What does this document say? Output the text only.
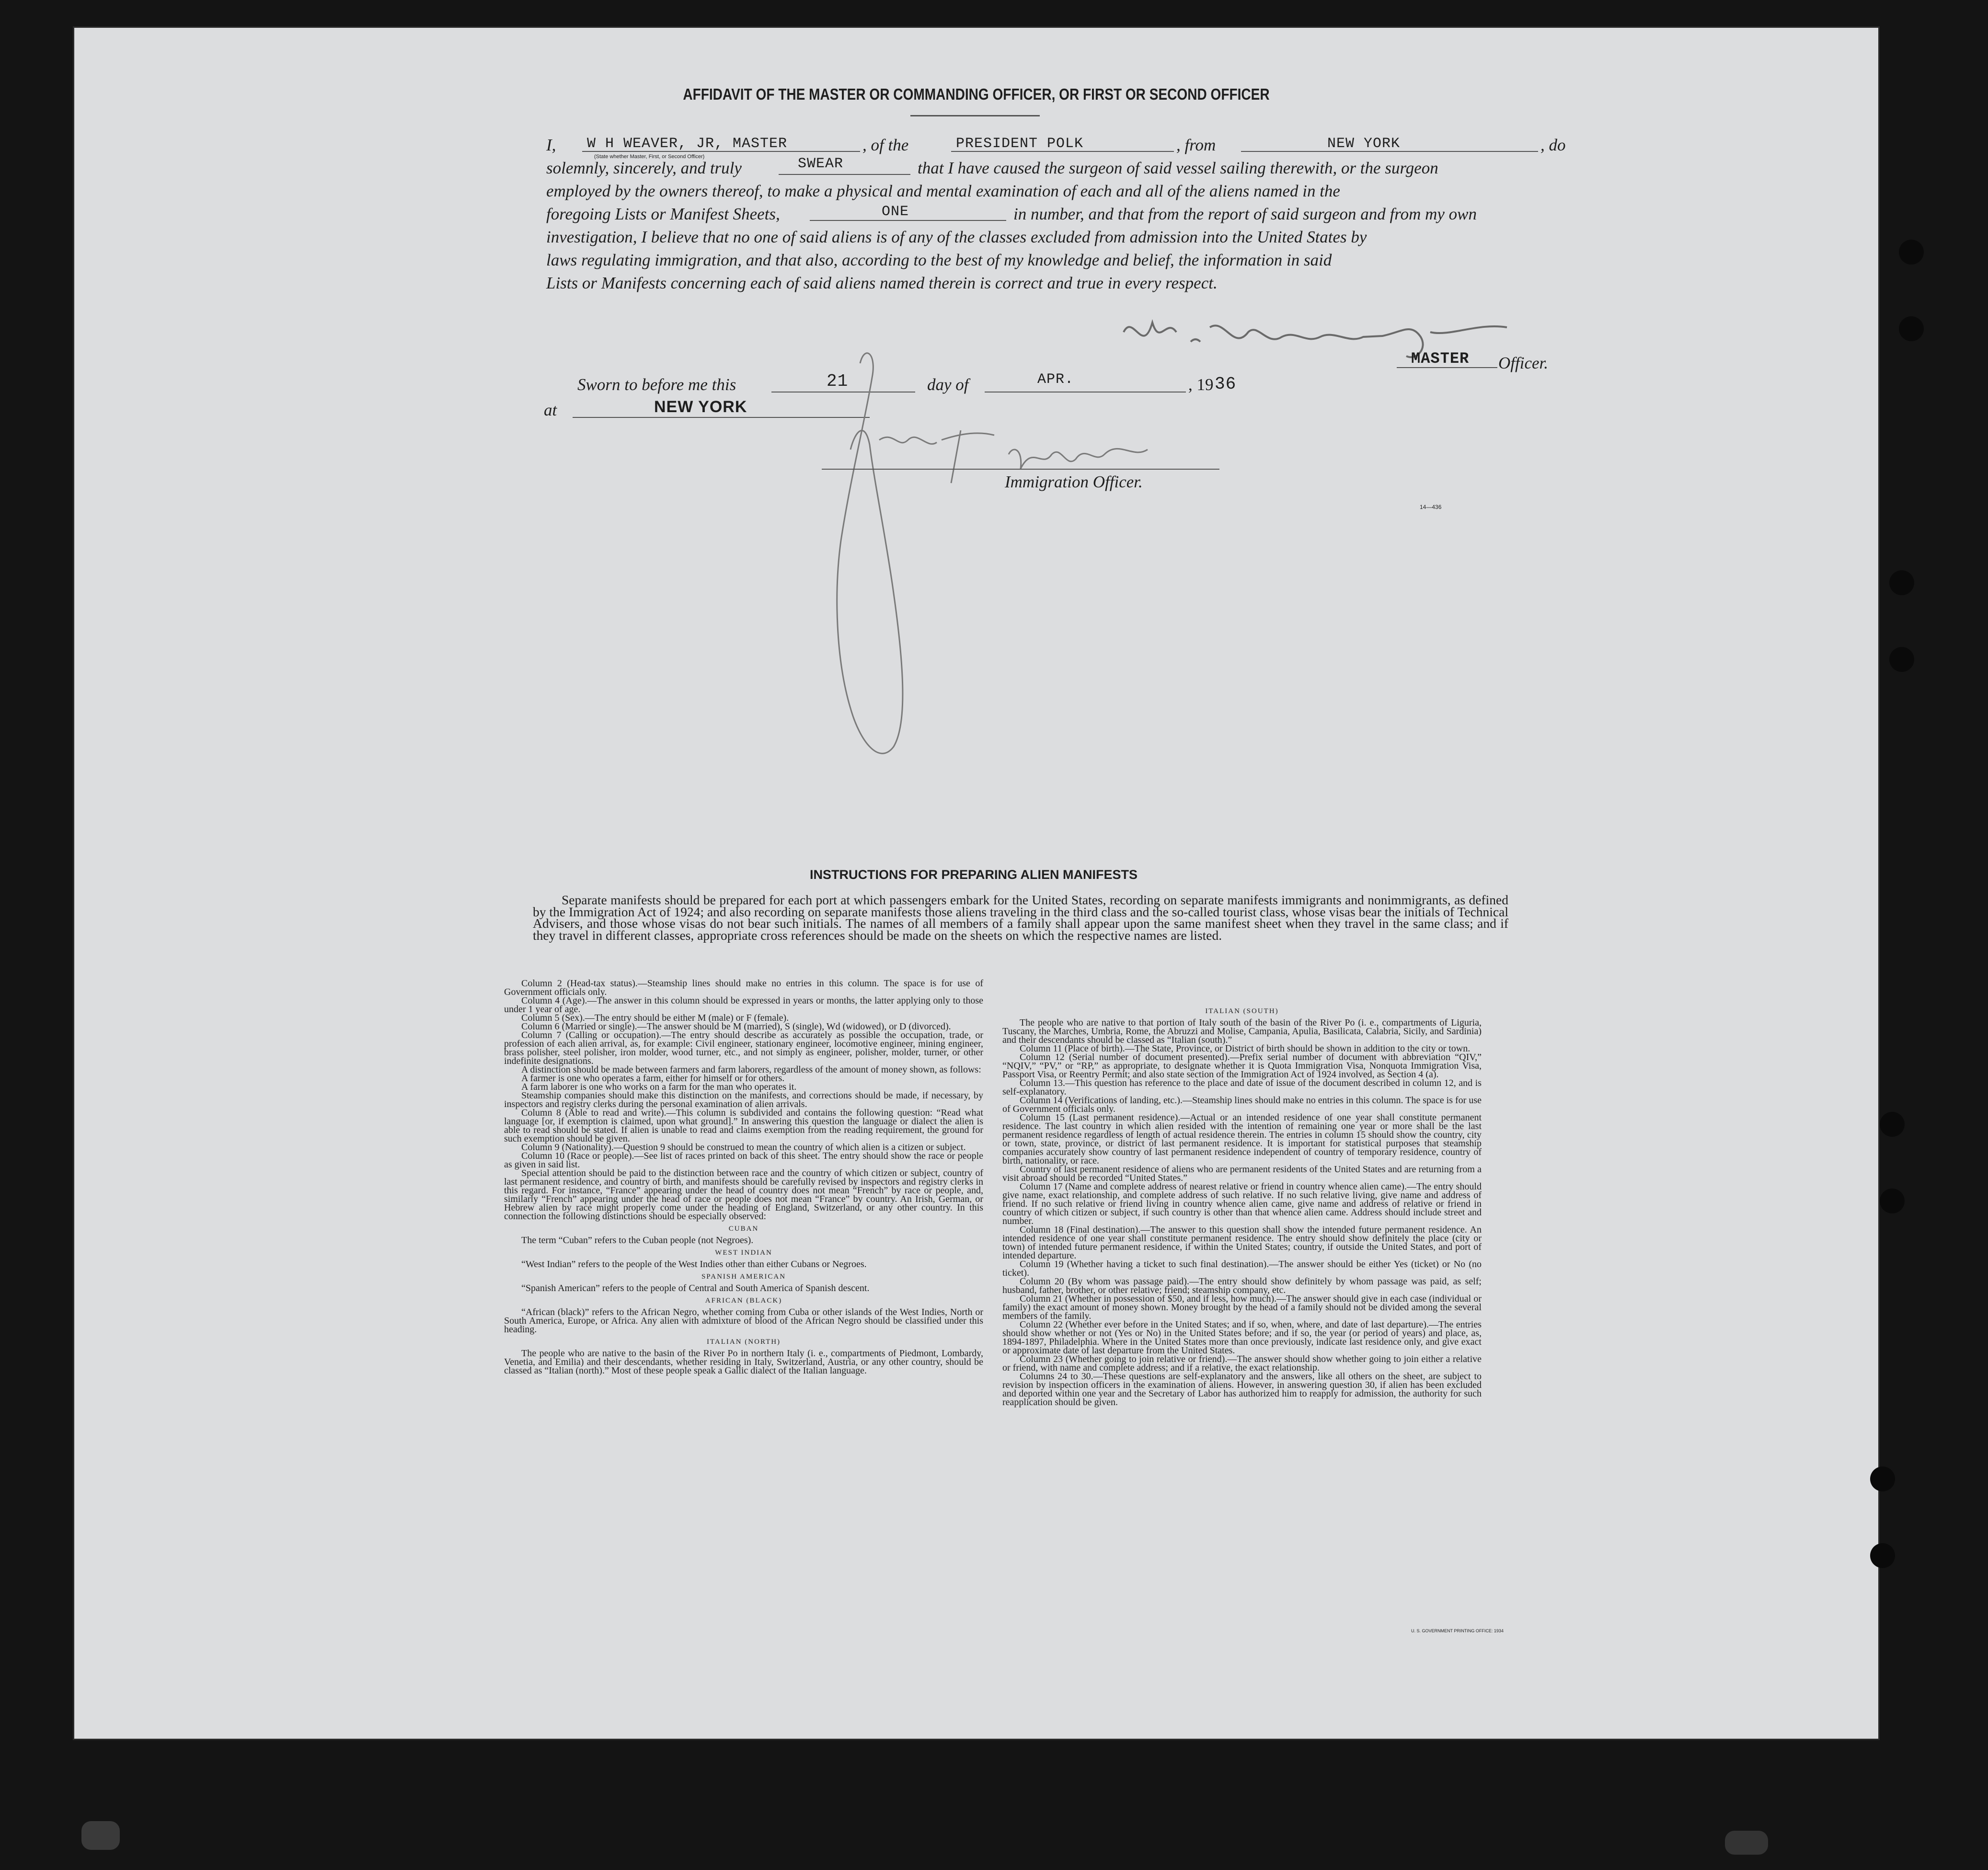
AFFIDAVIT OF THE MASTER OR COMMANDING OFFICER, OR FIRST OR SECOND OFFICER
I, W H WEAVER, JR, MASTER	, of the	PRESIDENT POLK	, from	NEW YORK	, do
(State whether Master, First, or Second Officer)
solemnly, sincerely, and truly	SWEAR	that I have caused the surgeon of said vessel sailing therewith, or the surgeon
employed by the owners thereof, to make a physical and mental examination of each and all of the aliens named in the
foregoing Lists or Manifest Sheets,	ONE	in number, and that from the report of said surgeon and from my own
investigation, I believe that no one of said aliens is of any of the classes excluded from admission into the United States by
laws regulating immigration, and that also, according to the best of my knowledge and belief, the information in said
Lists or Manifests concerning each of said aliens named therein is correct and true in every respect.
MASTER Officer.
Sworn to before me this	21	day of	APR.	, 19 36
at	NEW YORK
Immigration Officer.
14—436
INSTRUCTIONS FOR PREPARING ALIEN MANIFESTS
Separate manifests should be prepared for each port at which passengers embark for the United States, recording on separate manifests immigrants and nonimmigrants, as defined by the Immigration Act of 1924; and also recording on separate manifests those aliens traveling in the third class and the so-called tourist class, whose visas bear the initials of Technical Advisers, and those whose visas do not bear such initials. The names of all members of a family shall appear upon the same manifest sheet when they travel in the same class; and if they travel in different classes, appropriate cross references should be made on the sheets on which the respective names are listed.

Column 2 (Head-tax status).—Steamship lines should make no entries in this column. The space is for use of Government officials only.

Column 4 (Age).—The answer in this column should be expressed in years or months, the latter applying only to those under 1 year of age.

Column 5 (Sex).—The entry should be either M (male) or F (female).

Column 6 (Married or single).—The answer should be M (married), S (single), Wd (widowed), or D (divorced).

Column 7 (Calling or occupation).—The entry should describe as accurately as possible the occupation, trade, or profession of each alien arrival, as, for example: Civil engineer, stationary engineer, locomotive engineer, mining engineer, brass polisher, steel polisher, iron molder, wood turner, etc., and not simply as engineer, polisher, molder, turner, or other indefinite designations.

A distinction should be made between farmers and farm laborers, regardless of the amount of money shown, as follows:

A farmer is one who operates a farm, either for himself or for others.

A farm laborer is one who works on a farm for the man who operates it.

Steamship companies should make this distinction on the manifests, and corrections should be made, if necessary, by inspectors and registry clerks during the personal examination of alien arrivals.

Column 8 (Able to read and write).—This column is subdivided and contains the following question: “Read what language [or, if exemption is claimed, upon what ground].” In answering this question the language or dialect the alien is able to read should be stated. If alien is unable to read and claims exemption from the reading requirement, the ground for such exemption should be given.

Column 9 (Nationality).—Question 9 should be construed to mean the country of which alien is a citizen or subject.

Column 10 (Race or people).—See list of races printed on back of this sheet. The entry should show the race or people as given in said list.

Special attention should be paid to the distinction between race and the country of which citizen or subject, country of last permanent residence, and country of birth, and manifests should be carefully revised by inspectors and registry clerks in this regard. For instance, “France” appearing under the head of country does not mean “French” by race or people, and, similarly “French” appearing under the head of race or people does not mean “France” by country. An Irish, German, or Hebrew alien by race might properly come under the heading of England, Switzerland, or any other country. In this connection the following distinctions should be especially observed:

CUBAN

The term “Cuban” refers to the Cuban people (not Negroes).

WEST INDIAN

“West Indian” refers to the people of the West Indies other than either Cubans or Negroes.

SPANISH AMERICAN

“Spanish American” refers to the people of Central and South America of Spanish descent.

AFRICAN (BLACK)

“African (black)” refers to the African Negro, whether coming from Cuba or other islands of the West Indies, North or South America, Europe, or Africa. Any alien with admixture of blood of the African Negro should be classified under this heading.

ITALIAN (NORTH)

The people who are native to the basin of the River Po in northern Italy (i. e., compartments of Piedmont, Lombardy, Venetia, and Emilia) and their descendants, whether residing in Italy, Switzerland, Austria, or any other country, should be classed as “Italian (north).” Most of these people speak a Gallic dialect of the Italian language.

ITALIAN (SOUTH)

The people who are native to that portion of Italy south of the basin of the River Po (i. e., compartments of Liguria, Tuscany, the Marches, Umbria, Rome, the Abruzzi and Molise, Campania, Apulia, Basilicata, Calabria, Sicily, and Sardinia) and their descendants should be classed as “Italian (south).”

Column 11 (Place of birth).—The State, Province, or District of birth should be shown in addition to the city or town.

Column 12 (Serial number of document presented).—Prefix serial number of document with abbreviation “QIV,” “NQIV,” “PV,” or “RP,” as appropriate, to designate whether it is Quota Immigration Visa, Nonquota Immigration Visa, Passport Visa, or Reentry Permit; and also state section of the Immigration Act of 1924 involved, as Section 4 (a).

Column 13.—This question has reference to the place and date of issue of the document described in column 12, and is self-explanatory.

Column 14 (Verifications of landing, etc.).—Steamship lines should make no entries in this column. The space is for use of Government officials only.

Column 15 (Last permanent residence).—Actual or an intended residence of one year shall constitute permanent residence. The last country in which alien resided with the intention of remaining one year or more shall be the last permanent residence regardless of length of actual residence therein. The entries in column 15 should show the country, city or town, state, province, or district of last permanent residence. It is important for statistical purposes that steamship companies accurately show country of last permanent residence independent of country of temporary residence, country of birth, nationality, or race.

Country of last permanent residence of aliens who are permanent residents of the United States and are returning from a visit abroad should be recorded “United States.”

Column 17 (Name and complete address of nearest relative or friend in country whence alien came).—The entry should give name, exact relationship, and complete address of such relative. If no such relative living, give name and address of friend. If no such relative or friend living in country whence alien came, give name and address of relative or friend in country of which citizen or subject, if such country is other than that whence alien came. Address should include street and number.

Column 18 (Final destination).—The answer to this question shall show the intended future permanent residence. An intended residence of one year shall constitute permanent residence. The entry should show definitely the place (city or town) of intended future permanent residence, if within the United States; country, if outside the United States, and port of intended departure.

Column 19 (Whether having a ticket to such final destination).—The answer should be either Yes (ticket) or No (no ticket).

Column 20 (By whom was passage paid).—The entry should show definitely by whom passage was paid, as self; husband, father, brother, or other relative; friend; steamship company, etc.

Column 21 (Whether in possession of $50, and if less, how much).—The answer should give in each case (individual or family) the exact amount of money shown. Money brought by the head of a family should not be divided among the several members of the family.

Column 22 (Whether ever before in the United States; and if so, when, where, and date of last departure).—The entries should show whether or not (Yes or No) in the United States before; and if so, the year (or period of years) and place, as, 1894-1897, Philadelphia. Where in the United States more than once previously, indicate last residence only, and give exact or approximate date of last departure from the United States.

Column 23 (Whether going to join relative or friend).—The answer should show whether going to join either a relative or friend, with name and complete address; and if a relative, the exact relationship.

Columns 24 to 30.—These questions are self-explanatory and the answers, like all others on the sheet, are subject to revision by inspection officers in the examination of aliens. However, in answering question 30, if alien has been excluded and deported within one year and the Secretary of Labor has authorized him to reapply for admission, the authority for such reapplication should be given.

U. S. GOVERNMENT PRINTING OFFICE: 1934
